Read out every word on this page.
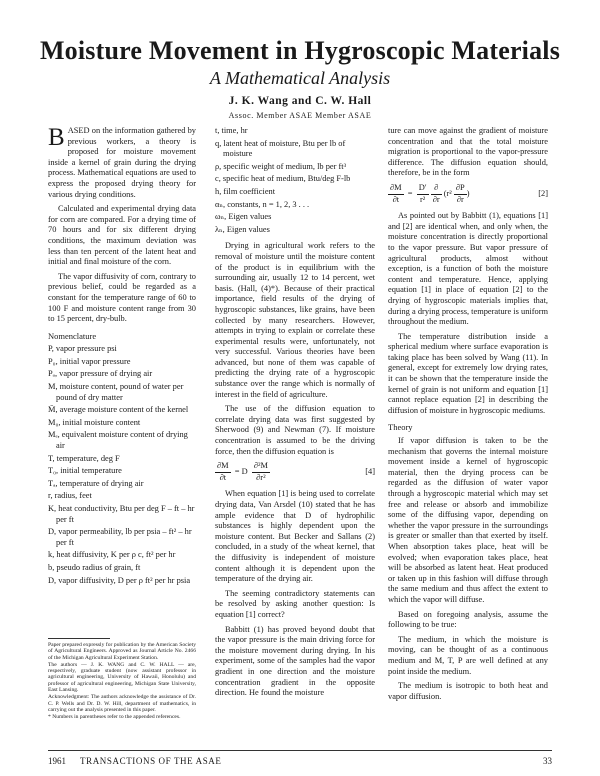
Moisture Movement in Hygroscopic Materials
A Mathematical Analysis
J. K. Wang and C. W. Hall
Assoc. Member ASAE Member ASAE

BASED on the information gathered by previous workers, a theory is proposed for moisture movement inside a kernel of grain during the drying process. Mathematical equations are used to express the proposed drying theory for various drying conditions.

Calculated and experimental drying data for corn are compared. For a drying time of 70 hours and for six different drying conditions, the maximum deviation was less than ten percent of the latent heat and initial and final moisture of the corn.

The vapor diffusivity of corn, contrary to previous belief, could be regarded as a constant for the temperature range of 60 to 100 F and moisture content range from 30 to 15 percent, dry-bulb.

Nomenclature

P, vapor pressure psi

P₀, initial vapor pressure

Pₐ, vapor pressure of drying air

M, moisture content, pound of water per pound of dry matter

M̄, average moisture content of the kernel

M₀, initial moisture content

Mₑ, equivalent moisture content of drying air

T, temperature, deg F

T₀, initial temperature

Tₐ, temperature of drying air

r, radius, feet

K, heat conductivity, Btu per deg F – ft – hr per ft

D, vapor permeability, lb per psia – ft² – hr per ft

k, heat diffusivity, K per ρ c, ft² per hr

b, pseudo radius of grain, ft

D, vapor diffusivity, D per ρ ft² per hr psia

Paper prepared expressly for publication by the American Society of Agricultural Engineers. Approved as Journal Article No. 2466 of the Michigan Agricultural Experiment Station.

The authors — J. K. WANG and C. W. HALL — are, respectively, graduate student (now assistant professor in agricultural engineering, University of Hawaii, Honolulu) and professor of agricultural engineering, Michigan State University, East Lansing.

Acknowledgment: The authors acknowledge the assistance of Dr. C. P. Wells and Dr. D. W. Hill, department of mathematics, in carrying out the analysis presented in this paper.

* Numbers in parentheses refer to the appended references.

t, time, hr

q, latent heat of moisture, Btu per lb of moisture

ρ, specific weight of medium, lb per ft³

c, specific heat of medium, Btu/deg F-lb

h, film coefficient

αₙ, constants, n = 1, 2, 3 . . .

ωₙ, Eigen values

λₙ, Eigen values

Drying in agricultural work refers to the removal of moisture until the moisture content of the product is in equilibrium with the surrounding air, usually 12 to 14 percent, wet basis. (Hall, (4)*). Because of their practical importance, field results of the drying of hygroscopic substances, like grains, have been collected by many researchers. However, attempts in trying to explain or correlate these experimental results were, unfortunately, not very successful. Various theories have been advanced, but none of them was capable of predicting the drying rate of a hygroscopic substance over the range which is normally of interest in the field of agriculture.

The use of the diffusion equation to correlate drying data was first suggested by Sherwood (9) and Newman (7). If moisture concentration is assumed to be the driving force, then the diffusion equation is

$\frac{\partial M}{\partial t} = D \frac{\text{∂²M}}{\text{∂r²}}$	[4]

When equation [1] is being used to correlate drying data, Van Arsdel (10) stated that he has ample evidence that D of hydrophilic substances is highly dependent upon the moisture content. But Becker and Sallans (2) concluded, in a study of the wheat kernel, that the diffusivity is independent of moisture content although it is dependent upon the temperature of the drying air.

The seeming contradictory statements can be resolved by asking another question: Is equation [1] correct?

Babbitt (1) has proved beyond doubt that the vapor pressure is the main driving force for the moisture movement during drying. In his experiment, some of the samples had the vapor gradient in one direction and the moisture concentration gradient in the opposite direction. He found the moisture

ture can move against the gradient of moisture concentration and that the total moisture migration is proportional to the vapor-pressure difference. The diffusion equation should, therefore, be in the form

$\frac{\partial M}{\partial t} = \frac{D'}{\text{r²}}$
$\frac{\partial}{\partial r} (r^2 \frac{\partial P}{\partial r}$ )	[2]

As pointed out by Babbitt (1), equations [1] and [2] are identical when, and only when, the moisture concentration is directly proportional to the vapor pressure. But vapor pressure of agricultural products, almost without exception, is a function of both the moisture content and temperature. Hence, applying equation [1] in place of equation [2] to the drying of hygroscopic materials implies that, during a drying process, temperature is uniform throughout the medium.

The temperature distribution inside a spherical medium where surface evaporation is taking place has been solved by Wang (11). In general, except for extremely low drying rates, it can be shown that the temperature inside the kernel of grain is not uniform and equation [1] cannot replace equation [2] in describing the diffusion of moisture in hygroscopic mediums.

Theory

If vapor diffusion is taken to be the mechanism that governs the internal moisture movement inside a kernel of hygroscopic material, then the drying process can be regarded as the diffusion of water vapor through a hygroscopic material which may set free and release or absorb and immobilize some of the diffusing vapor, depending on whether the vapor pressure in the surroundings is greater or smaller than that exerted by itself. When absorption takes place, heat will be evolved; when evaporation takes place, heat will be absorbed as latent heat. Heat produced or taken up in this fashion will diffuse through the same medium and thus affect the extent to which the vapor will diffuse.

Based on foregoing analysis, assume the following to be true:

The medium, in which the moisture is moving, can be thought of as a continuous medium and M, T, P are well defined at any point inside the medium.

The medium is isotropic to both heat and vapor diffusion.

1961 TRANSACTIONS OF THE ASAE	33
